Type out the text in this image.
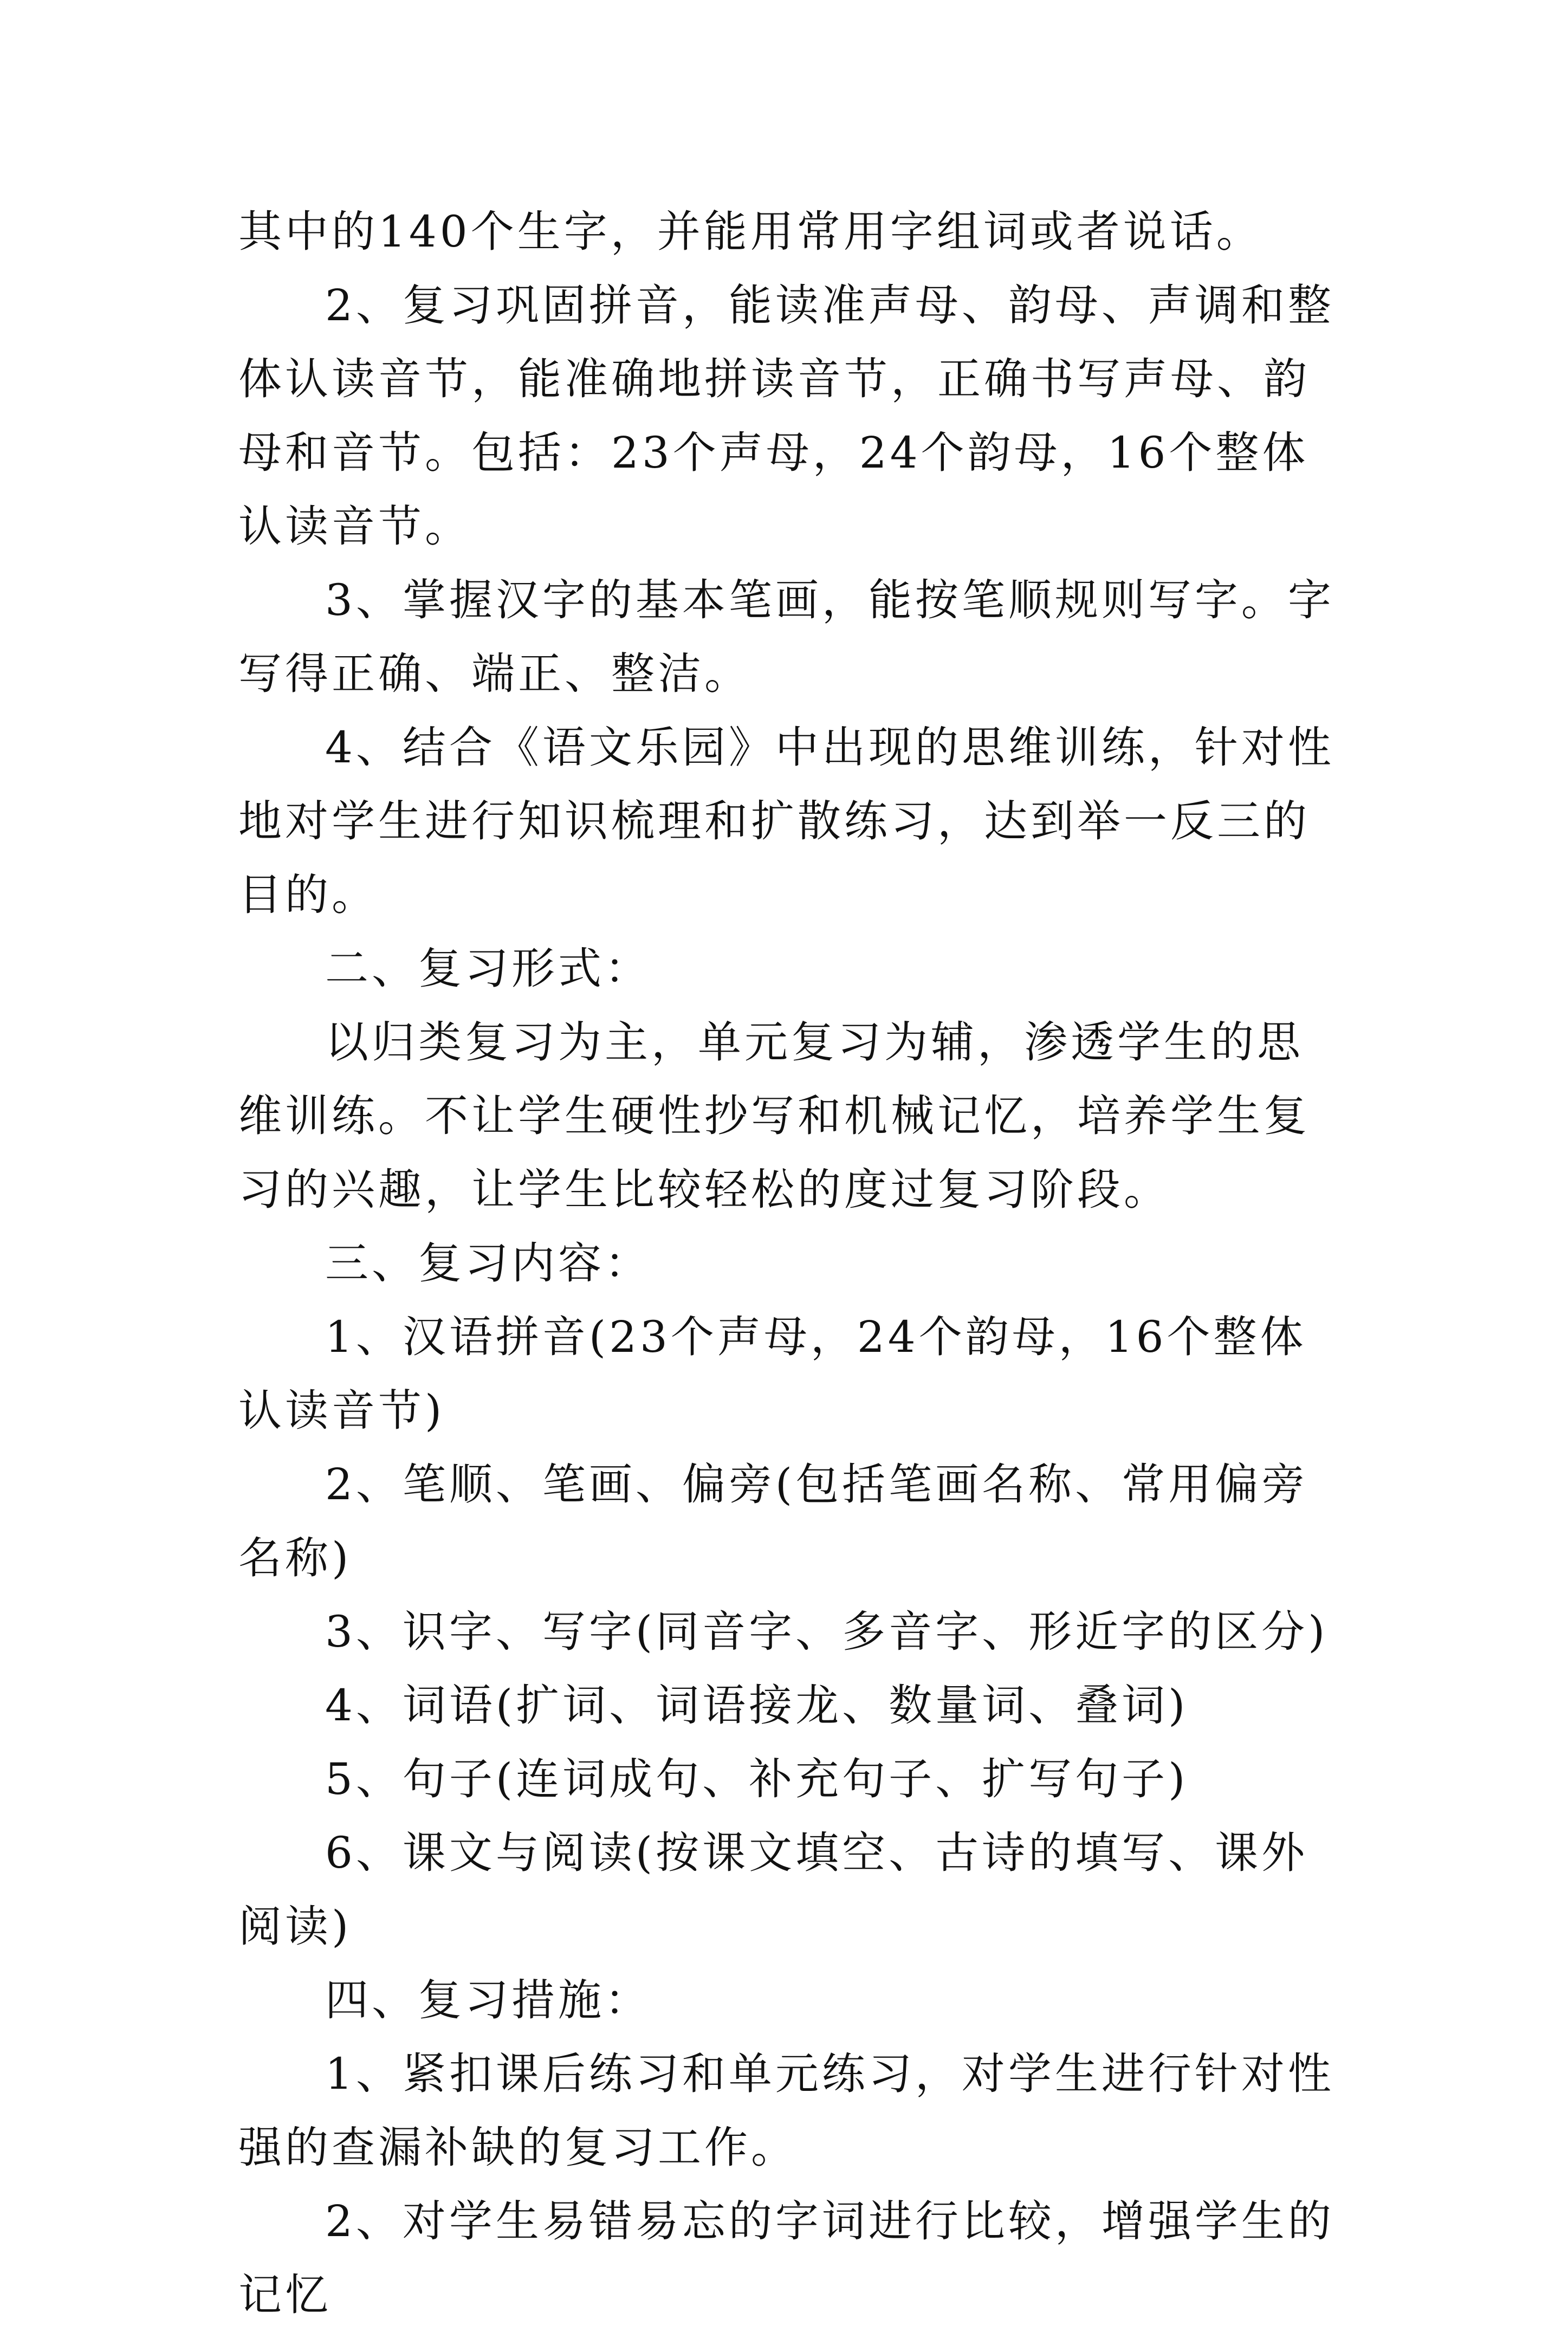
其中的140个生字，并能用常用字组词或者说话。

2、复习巩固拼音，能读准声母、韵母、声调和整体认读音节，能准确地拼读音节，正确书写声母、韵母和音节。包括：23个声母，24个韵母，16个整体认读音节。

3、掌握汉字的基本笔画，能按笔顺规则写字。字写得正确、端正、整洁。

4、结合《语文乐园》中出现的思维训练，针对性地对学生进行知识梳理和扩散练习，达到举一反三的目的。

二、复习形式：

以归类复习为主，单元复习为辅，渗透学生的思维训练。不让学生硬性抄写和机械记忆，培养学生复习的兴趣，让学生比较轻松的度过复习阶段。

三、复习内容：

1、汉语拼音(23个声母，24个韵母，16个整体认读音节)

2、笔顺、笔画、偏旁(包括笔画名称、常用偏旁名称)

3、识字、写字(同音字、多音字、形近字的区分)

4、词语(扩词、词语接龙、数量词、叠词)

5、句子(连词成句、补充句子、扩写句子)

6、课文与阅读(按课文填空、古诗的填写、课外阅读)

四、复习措施：

1、紧扣课后练习和单元练习，对学生进行针对性强的查漏补缺的复习工作。

2、对学生易错易忘的字词进行比较，增强学生的记忆
